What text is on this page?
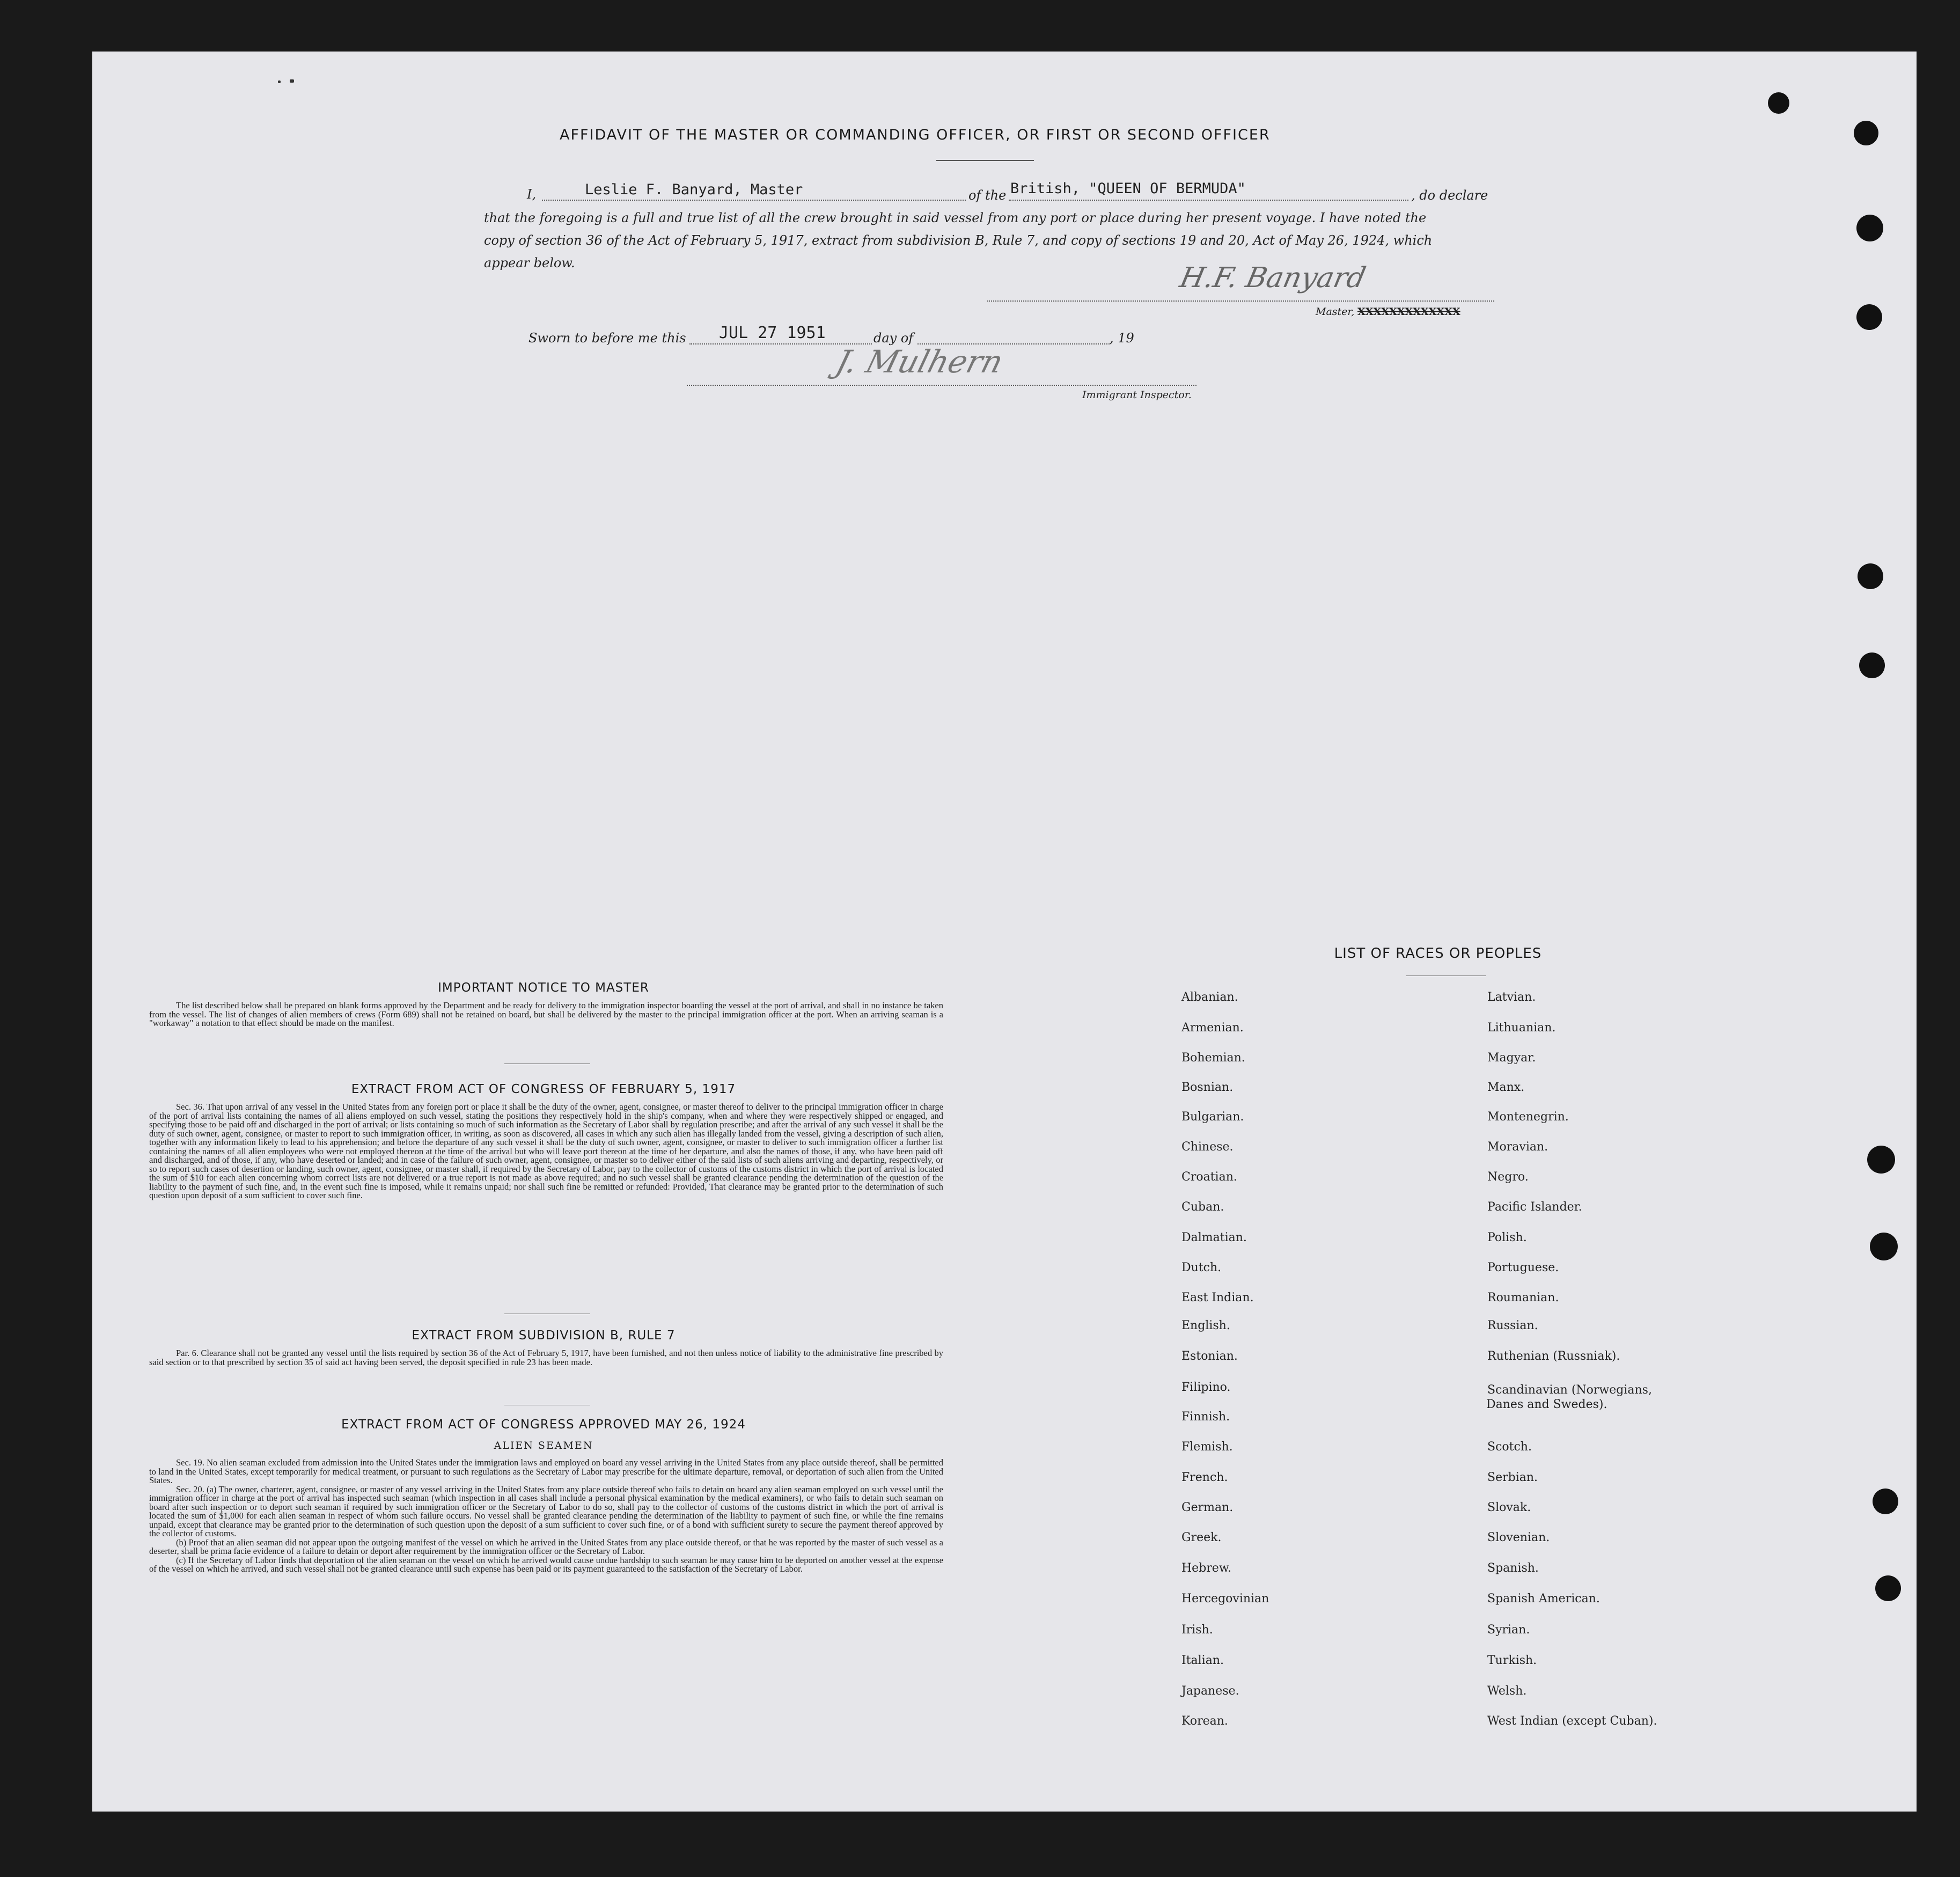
AFFIDAVIT OF THE MASTER OR COMMANDING OFFICER, OR FIRST OR SECOND OFFICER
I,	Leslie F. Banyard, Master	of the British, "QUEEN OF BERMUDA"	, do declare
that the foregoing is a full and true list of all the crew brought in said vessel from any port or place during her present voyage. I have noted the
copy of section 36 of the Act of February 5, 1917, extract from subdivision B, Rule 7, and copy of sections 19 and 20, Act of May 26, 1924, which
appear below.	H.F. Banyard
Master, XXXXXXXXXXXXX
Sworn to before me this JUL 27 1951	day of	, 19
J. Mulhern
Immigrant Inspector.
IMPORTANT NOTICE TO MASTER
The list described below shall be prepared on blank forms approved by the Department and be ready for delivery to the immigration inspector boarding the vessel at the port of arrival, and shall in no instance be taken from the vessel. The list of changes of alien members of crews (Form 689) shall not be retained on board, but shall be delivered by the master to the principal immigration officer at the port. When an arriving seaman is a "workaway" a notation to that effect should be made on the manifest.
EXTRACT FROM ACT OF CONGRESS OF FEBRUARY 5, 1917
Sec. 36. That upon arrival of any vessel in the United States from any foreign port or place it shall be the duty of the owner, agent, consignee, or master thereof to deliver to the principal immigration officer in charge of the port of arrival lists containing the names of all aliens employed on such vessel, stating the positions they respectively hold in the ship's company, when and where they were respectively shipped or engaged, and specifying those to be paid off and discharged in the port of arrival; or lists containing so much of such information as the Secretary of Labor shall by regulation prescribe; and after the arrival of any such vessel it shall be the duty of such owner, agent, consignee, or master to report to such immigration officer, in writing, as soon as discovered, all cases in which any such alien has illegally landed from the vessel, giving a description of such alien, together with any information likely to lead to his apprehension; and before the departure of any such vessel it shall be the duty of such owner, agent, consignee, or master to deliver to such immigration officer a further list containing the names of all alien employees who were not employed thereon at the time of the arrival but who will leave port thereon at the time of her departure, and also the names of those, if any, who have been paid off and discharged, and of those, if any, who have deserted or landed; and in case of the failure of such owner, agent, consignee, or master so to deliver either of the said lists of such aliens arriving and departing, respectively, or so to report such cases of desertion or landing, such owner, agent, consignee, or master shall, if required by the Secretary of Labor, pay to the collector of customs of the customs district in which the port of arrival is located the sum of $10 for each alien concerning whom correct lists are not delivered or a true report is not made as above required; and no such vessel shall be granted clearance pending the determination of the question of the liability to the payment of such fine, and, in the event such fine is imposed, while it remains unpaid; nor shall such fine be remitted or refunded: Provided, That clearance may be granted prior to the determination of such question upon deposit of a sum sufficient to cover such fine.
EXTRACT FROM SUBDIVISION B, RULE 7
Par. 6. Clearance shall not be granted any vessel until the lists required by section 36 of the Act of February 5, 1917, have been furnished, and not then unless notice of liability to the administrative fine prescribed by said section or to that prescribed by section 35 of said act having been served, the deposit specified in rule 23 has been made.
EXTRACT FROM ACT OF CONGRESS APPROVED MAY 26, 1924
ALIEN SEAMEN
Sec. 19. No alien seaman excluded from admission into the United States under the immigration laws and employed on board any vessel arriving in the United States from any place outside thereof, shall be permitted to land in the United States, except temporarily for medical treatment, or pursuant to such regulations as the Secretary of Labor may prescribe for the ultimate departure, removal, or deportation of such alien from the United States.
Sec. 20. (a) The owner, charterer, agent, consignee, or master of any vessel arriving in the United States from any place outside thereof who fails to detain on board any alien seaman employed on such vessel until the immigration officer in charge at the port of arrival has inspected such seaman (which inspection in all cases shall include a personal physical examination by the medical examiners), or who fails to detain such seaman on board after such inspection or to deport such seaman if required by such immigration officer or the Secretary of Labor to do so, shall pay to the collector of customs of the customs district in which the port of arrival is located the sum of $1,000 for each alien seaman in respect of whom such failure occurs. No vessel shall be granted clearance pending the determination of the liability to payment of such fine, or while the fine remains unpaid, except that clearance may be granted prior to the determination of such question upon the deposit of a sum sufficient to cover such fine, or of a bond with sufficient surety to secure the payment thereof approved by the collector of customs.
(b) Proof that an alien seaman did not appear upon the outgoing manifest of the vessel on which he arrived in the United States from any place outside thereof, or that he was reported by the master of such vessel as a deserter, shall be prima facie evidence of a failure to detain or deport after requirement by the immigration officer or the Secretary of Labor.
(c) If the Secretary of Labor finds that deportation of the alien seaman on the vessel on which he arrived would cause undue hardship to such seaman he may cause him to be deported on another vessel at the expense of the vessel on which he arrived, and such vessel shall not be granted clearance until such expense has been paid or its payment guaranteed to the satisfaction of the Secretary of Labor.
LIST OF RACES OR PEOPLES
Albanian.
Armenian.
Bohemian.
Bosnian.
Bulgarian.
Chinese.
Croatian.
Cuban.
Dalmatian.
Dutch.
East Indian.
English.
Estonian.
Filipino.
Finnish.
Flemish.
French.
German.
Greek.
Hebrew.
Hercegovinian
Irish.
Italian.
Japanese.
Korean.
Latvian.
Lithuanian.
Magyar.
Manx.
Montenegrin.
Moravian.
Negro.
Pacific Islander.
Polish.
Portuguese.
Roumanian.
Russian.
Ruthenian (Russniak).
Scandinavian (Norwegians,
Scotch.
Serbian.
Slovak.
Slovenian.
Spanish.
Spanish American.
Syrian.
Turkish.
Welsh.
West Indian (except Cuban).
Danes and Swedes).
